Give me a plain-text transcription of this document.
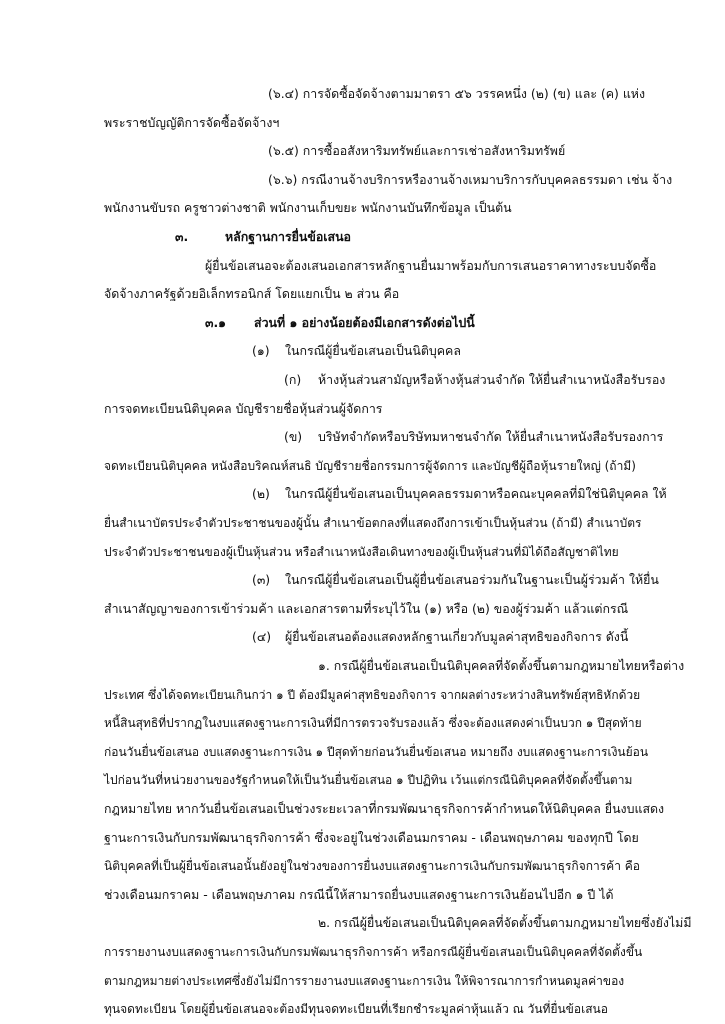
(๖.๔) การจัดซื้อจัดจ้างตามมาตรา ๕๖ วรรคหนึ่ง (๒) (ข) และ (ค) แห่ง
พระราชบัญญัติการจัดซื้อจัดจ้างฯ
(๖.๕) การซื้ออสังหาริมทรัพย์และการเช่าอสังหาริมทรัพย์
(๖.๖) กรณีงานจ้างบริการหรืองานจ้างเหมาบริการกับบุคคลธรรมดา เช่น จ้าง
พนักงานขับรถ ครูชาวต่างชาติ พนักงานเก็บขยะ พนักงานบันทึกข้อมูล เป็นต้น
๓.	หลักฐานการยื่นข้อเสนอ
ผู้ยื่นข้อเสนอจะต้องเสนอเอกสารหลักฐานยื่นมาพร้อมกับการเสนอราคาทางระบบจัดซื้อ
จัดจ้างภาครัฐด้วยอิเล็กทรอนิกส์ โดยแยกเป็น ๒ ส่วน คือ
๓.๑ ส่วนที่ ๑ อย่างน้อยต้องมีเอกสารดังต่อไปนี้
(๑) ในกรณีผู้ยื่นข้อเสนอเป็นนิติบุคคล
(ก) ห้างหุ้นส่วนสามัญหรือห้างหุ้นส่วนจำกัด ให้ยื่นสำเนาหนังสือรับรอง
การจดทะเบียนนิติบุคคล บัญชีรายชื่อหุ้นส่วนผู้จัดการ
(ข) บริษัทจำกัดหรือบริษัทมหาชนจำกัด ให้ยื่นสำเนาหนังสือรับรองการ
จดทะเบียนนิติบุคคล หนังสือบริคณห์สนธิ บัญชีรายชื่อกรรมการผู้จัดการ และบัญชีผู้ถือหุ้นรายใหญ่ (ถ้ามี)
(๒) ในกรณีผู้ยื่นข้อเสนอเป็นบุคคลธรรมดาหรือคณะบุคคลที่มิใช่นิติบุคคล ให้
ยื่นสำเนาบัตรประจำตัวประชาชนของผู้นั้น สำเนาข้อตกลงที่แสดงถึงการเข้าเป็นหุ้นส่วน (ถ้ามี) สำเนาบัตร
ประจำตัวประชาชนของผู้เป็นหุ้นส่วน หรือสำเนาหนังสือเดินทางของผู้เป็นหุ้นส่วนที่มิได้ถือสัญชาติไทย
(๓) ในกรณีผู้ยื่นข้อเสนอเป็นผู้ยื่นข้อเสนอร่วมกันในฐานะเป็นผู้ร่วมค้า ให้ยื่น
สำเนาสัญญาของการเข้าร่วมค้า และเอกสารตามที่ระบุไว้ใน (๑) หรือ (๒) ของผู้ร่วมค้า แล้วแต่กรณี
(๔) ผู้ยื่นข้อเสนอต้องแสดงหลักฐานเกี่ยวกับมูลค่าสุทธิของกิจการ ดังนี้
๑. กรณีผู้ยื่นข้อเสนอเป็นนิติบุคคลที่จัดตั้งขึ้นตามกฎหมายไทยหรือต่าง
ประเทศ ซึ่งได้จดทะเบียนเกินกว่า ๑ ปี ต้องมีมูลค่าสุทธิของกิจการ จากผลต่างระหว่างสินทรัพย์สุทธิหักด้วย
หนี้สินสุทธิที่ปรากฏในงบแสดงฐานะการเงินที่มีการตรวจรับรองแล้ว ซึ่งจะต้องแสดงค่าเป็นบวก ๑ ปีสุดท้าย
ก่อนวันยื่นข้อเสนอ งบแสดงฐานะการเงิน ๑ ปีสุดท้ายก่อนวันยื่นข้อเสนอ หมายถึง งบแสดงฐานะการเงินย้อน
ไปก่อนวันที่หน่วยงานของรัฐกำหนดให้เป็นวันยื่นข้อเสนอ ๑ ปีปฏิทิน เว้นแต่กรณีนิติบุคคลที่จัดตั้งขึ้นตาม
กฎหมายไทย หากวันยื่นข้อเสนอเป็นช่วงระยะเวลาที่กรมพัฒนาธุรกิจการค้ากำหนดให้นิติบุคคล ยื่นงบแสดง
ฐานะการเงินกับกรมพัฒนาธุรกิจการค้า ซึ่งจะอยู่ในช่วงเดือนมกราคม - เดือนพฤษภาคม ของทุกปี โดย
นิติบุคคลที่เป็นผู้ยื่นข้อเสนอนั้นยังอยู่ในช่วงของการยื่นงบแสดงฐานะการเงินกับกรมพัฒนาธุรกิจการค้า คือ
ช่วงเดือนมกราคม - เดือนพฤษภาคม กรณีนี้ให้สามารถยื่นงบแสดงฐานะการเงินย้อนไปอีก ๑ ปี ได้
๒. กรณีผู้ยื่นข้อเสนอเป็นนิติบุคคลที่จัดตั้งขึ้นตามกฎหมายไทยซึ่งยังไม่มี
การรายงานงบแสดงฐานะการเงินกับกรมพัฒนาธุรกิจการค้า หรือกรณีผู้ยื่นข้อเสนอเป็นนิติบุคคลที่จัดตั้งขึ้น
ตามกฎหมายต่างประเทศซึ่งยังไม่มีการรายงานงบแสดงฐานะการเงิน ให้พิจารณาการกำหนดมูลค่าของ
ทุนจดทะเบียน โดยผู้ยื่นข้อเสนอจะต้องมีทุนจดทะเบียนที่เรียกชำระมูลค่าหุ้นแล้ว ณ วันที่ยื่นข้อเสนอ
